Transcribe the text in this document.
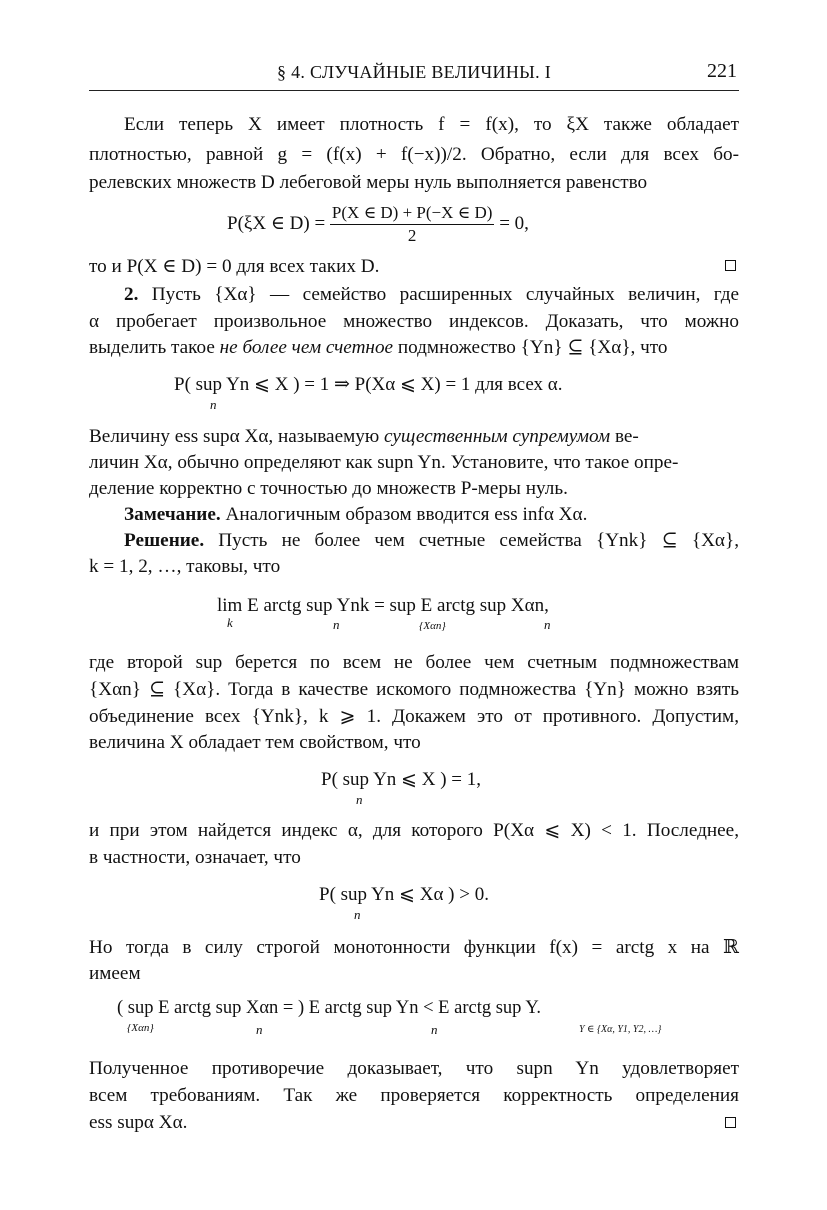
§ 4. СЛУЧАЙНЫЕ ВЕЛИЧИНЫ. I	221
Если теперь X имеет плотность f = f(x), то ξX также обладает
плотностью, равной g = (f(x) + f(−x))/2. Обратно, если для всех бо-
релевских множеств D лебеговой меры нуль выполняется равенство
P(ξX ∈ $D) = \frac{P(X \in D) + P(-X \in D)}{2} = 0$,
то и P(X ∈ D) = 0 для всех таких D.
2. Пусть {Xα} — семейство расширенных случайных величин, где
α пробегает произвольное множество индексов. Доказать, что можно
выделить такое не более чем счетное подмножество {Yn} ⊆ {Xα}, что
P( sup Yn ⩽ X ) = 1 ⇒ P(Xα ⩽ X) = 1 для всех α.
n
Величину ess supα Xα, называемую существенным супремумом ве-
личин Xα, обычно определяют как supn Yn. Установите, что такое опре-
деление корректно с точностью до множеств P-меры нуль.
Замечание. Аналогичным образом вводится ess infα Xα.
Решение. Пусть не более чем счетные семейства {Ynk} ⊆ {Xα},
k = 1, 2, …, таковы, что
lim E arctg sup Ynk = sup E arctg sup Xαn,
k	n	{Xαn}	n
где второй sup берется по всем не более чем счетным подмножествам
{Xαn} ⊆ {Xα}. Тогда в качестве искомого подмножества {Yn} можно взять
объединение всех {Ynk}, k ⩾ 1. Докажем это от противного. Допустим,
величина X обладает тем свойством, что
P( sup Yn ⩽ X ) = 1,
n
и при этом найдется индекс α, для которого P(Xα ⩽ X) < 1. Последнее,
в частности, означает, что
P( sup Yn ⩽ Xα ) > 0.
n
Но тогда в силу строгой монотонности функции f(x) = arctg x на ℝ
имеем
( sup E arctg sup Xαn = ) E arctg sup Yn < E arctg sup Y.
{Xαn}	n	n	Y ∈ {Xα, Y1, Y2, …}
Полученное противоречие доказывает, что supn Yn удовлетворяет
всем требованиям. Так же проверяется корректность определения
ess supα Xα.
